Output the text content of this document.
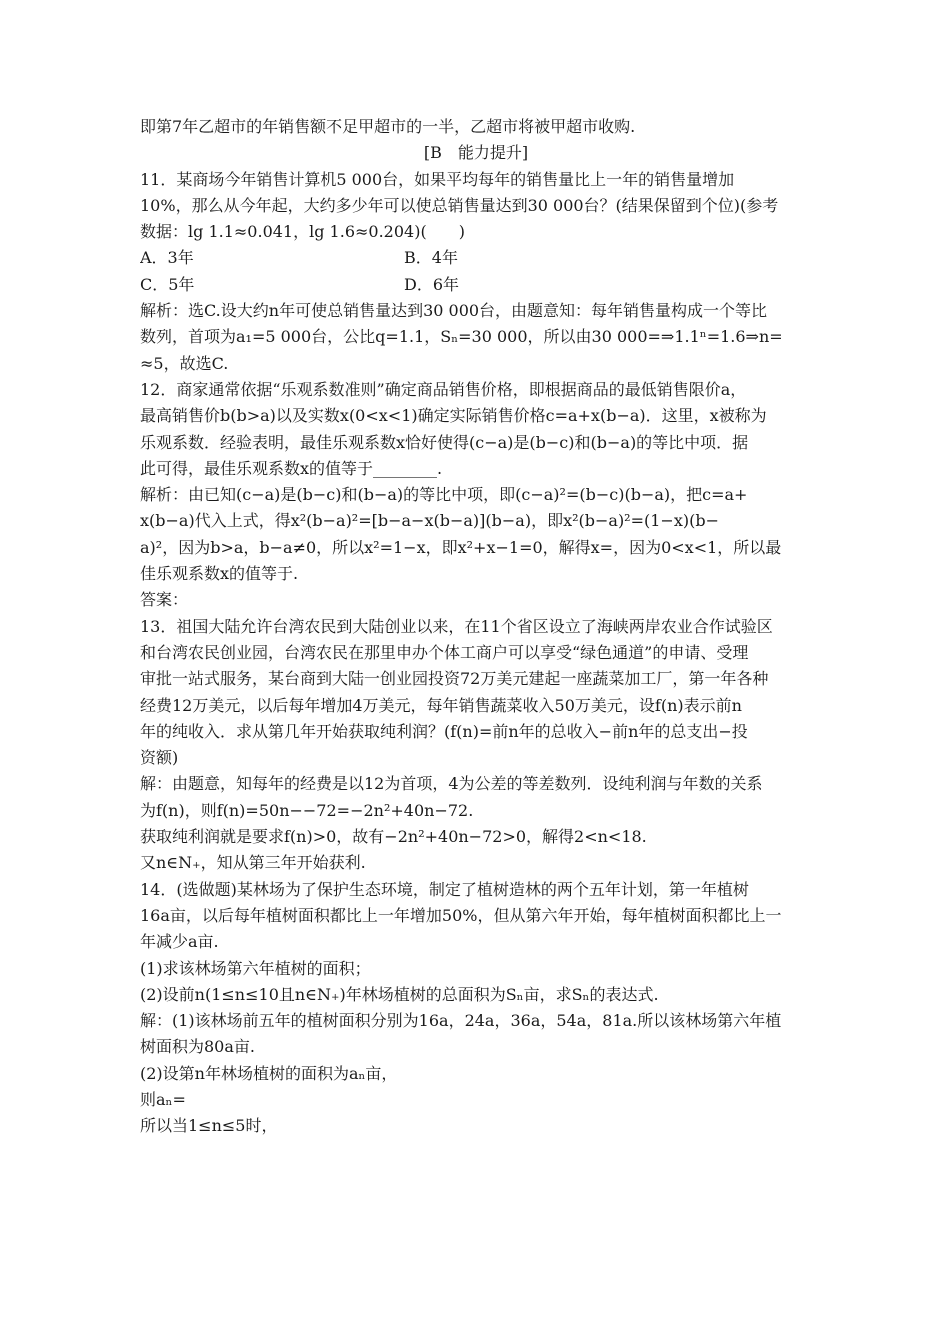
即第7年乙超市的年销售额不足甲超市的一半，乙超市将被甲超市收购.
[B　能力提升]
11．某商场今年销售计算机5 000台，如果平均每年的销售量比上一年的销售量增加
10%，那么从今年起，大约多少年可以使总销售量达到30 000台？(结果保留到个位)(参考
数据：lg 1.1≈0.041，lg 1.6≈0.204)(　　)
A．3年	B．4年
C．5年	D．6年
解析：选C.设大约n年可使总销售量达到30 000台，由题意知：每年销售量构成一个等比
数列，首项为a₁=5 000台，公比q=1.1，Sₙ=30 000，所以由30 000=⇒1.1ⁿ=1.6⇒n=
≈5，故选C.
12．商家通常依据“乐观系数准则”确定商品销售价格，即根据商品的最低销售限价a，
最高销售价b(b>a)以及实数x(0<x<1)确定实际销售价格c=a+x(b−a)．这里，x被称为
乐观系数．经验表明，最佳乐观系数x恰好使得(c−a)是(b−c)和(b−a)的等比中项．据
此可得，最佳乐观系数x的值等于________.
解析：由已知(c−a)是(b−c)和(b−a)的等比中项，即(c−a)²=(b−c)(b−a)，把c=a+
x(b−a)代入上式，得x²(b−a)²=[b−a−x(b−a)](b−a)，即x²(b−a)²=(1−x)(b−
a)²，因为b>a，b−a≠0，所以x²=1−x，即x²+x−1=0，解得x=，因为0<x<1，所以最
佳乐观系数x的值等于.
答案：
13．祖国大陆允许台湾农民到大陆创业以来，在11个省区设立了海峡两岸农业合作试验区
和台湾农民创业园，台湾农民在那里申办个体工商户可以享受“绿色通道”的申请、受理
审批一站式服务，某台商到大陆一创业园投资72万美元建起一座蔬菜加工厂，第一年各种
经费12万美元，以后每年增加4万美元，每年销售蔬菜收入50万美元，设f(n)表示前n
年的纯收入．求从第几年开始获取纯利润？(f(n)=前n年的总收入−前n年的总支出−投
资额)
解：由题意，知每年的经费是以12为首项，4为公差的等差数列．设纯利润与年数的关系
为f(n)，则f(n)=50n−−72=−2n²+40n−72.
获取纯利润就是要求f(n)>0，故有−2n²+40n−72>0，解得2<n<18.
又n∈N₊，知从第三年开始获利.
14．(选做题)某林场为了保护生态环境，制定了植树造林的两个五年计划，第一年植树
16a亩，以后每年植树面积都比上一年增加50%，但从第六年开始，每年植树面积都比上一
年减少a亩.
(1)求该林场第六年植树的面积；
(2)设前n(1≤n≤10且n∈N₊)年林场植树的总面积为Sₙ亩，求Sₙ的表达式.
解：(1)该林场前五年的植树面积分别为16a，24a，36a，54a，81a.所以该林场第六年植
树面积为80a亩.
(2)设第n年林场植树的面积为aₙ亩，
则aₙ=
所以当1≤n≤5时，
